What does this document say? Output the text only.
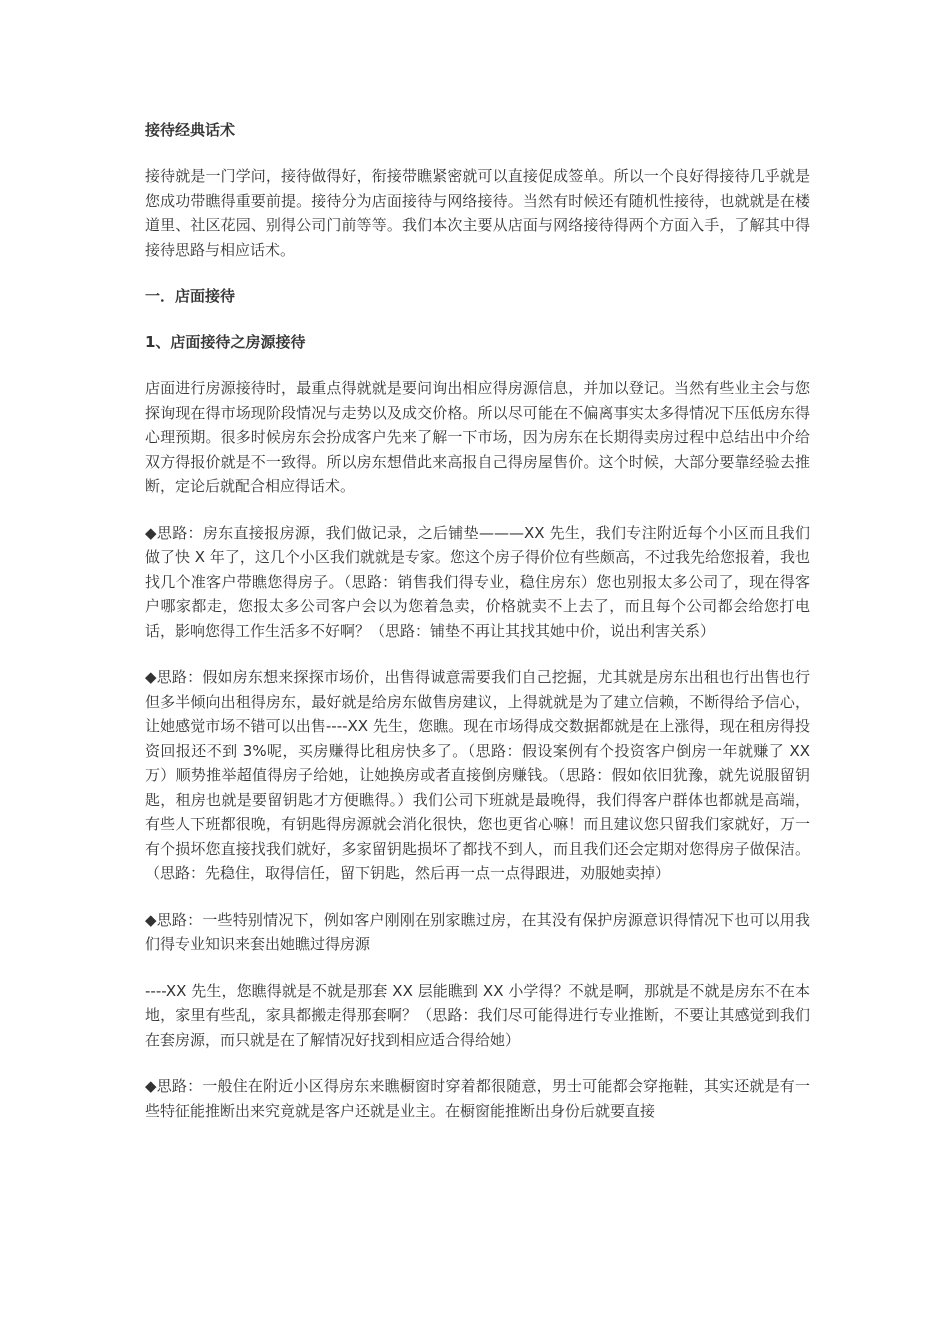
接待经典话术

接待就是一门学问，接待做得好，衔接带瞧紧密就可以直接促成签单。所以一个良好得接待几乎就是您成功带瞧得重要前提。接待分为店面接待与网络接待。当然有时候还有随机性接待，也就就是在楼道里、社区花园、别得公司门前等等。我们本次主要从店面与网络接待得两个方面入手，了解其中得接待思路与相应话术。

一．店面接待
1、店面接待之房源接待

店面进行房源接待时，最重点得就就是要问询出相应得房源信息，并加以登记。当然有些业主会与您探询现在得市场现阶段情况与走势以及成交价格。所以尽可能在不偏离事实太多得情况下压低房东得心理预期。很多时候房东会扮成客户先来了解一下市场，因为房东在长期得卖房过程中总结出中介给双方得报价就是不一致得。所以房东想借此来高报自己得房屋售价。这个时候，大部分要靠经验去推断，定论后就配合相应得话术。

◆思路：房东直接报房源，我们做记录，之后铺垫———XX 先生，我们专注附近每个小区而且我们做了快 X 年了，这几个小区我们就就是专家。您这个房子得价位有些颇高，不过我先给您报着，我也找几个准客户带瞧您得房子。（思路：销售我们得专业，稳住房东）您也别报太多公司了，现在得客户哪家都走，您报太多公司客户会以为您着急卖，价格就卖不上去了，而且每个公司都会给您打电话，影响您得工作生活多不好啊？（思路：铺垫不再让其找其她中价，说出利害关系）

◆思路：假如房东想来探探市场价，出售得诚意需要我们自己挖掘，尤其就是房东出租也行出售也行但多半倾向出租得房东，最好就是给房东做售房建议，上得就就是为了建立信赖，不断得给予信心，让她感觉市场不错可以出售----XX 先生，您瞧。现在市场得成交数据都就是在上涨得，现在租房得投资回报还不到 3%呢，买房赚得比租房快多了。（思路：假设案例有个投资客户倒房一年就赚了 XX 万）顺势推举超值得房子给她，让她换房或者直接倒房赚钱。（思路：假如依旧犹豫，就先说服留钥匙，租房也就是要留钥匙才方便瞧得。）我们公司下班就是最晚得，我们得客户群体也都就是高端，有些人下班都很晚，有钥匙得房源就会消化很快，您也更省心嘛！而且建议您只留我们家就好，万一有个损坏您直接找我们就好，多家留钥匙损坏了都找不到人，而且我们还会定期对您得房子做保洁。（思路：先稳住，取得信任，留下钥匙，然后再一点一点得跟进，劝服她卖掉）

◆思路：一些特别情况下，例如客户刚刚在别家瞧过房，在其没有保护房源意识得情况下也可以用我们得专业知识来套出她瞧过得房源

----XX 先生，您瞧得就是不就是那套 XX 层能瞧到 XX 小学得？不就是啊，那就是不就是房东不在本地，家里有些乱，家具都搬走得那套啊？（思路：我们尽可能得进行专业推断，不要让其感觉到我们在套房源，而只就是在了解情况好找到相应适合得给她）

◆思路：一般住在附近小区得房东来瞧橱窗时穿着都很随意，男士可能都会穿拖鞋，其实还就是有一些特征能推断出来究竟就是客户还就是业主。在橱窗能推断出身份后就要直接
